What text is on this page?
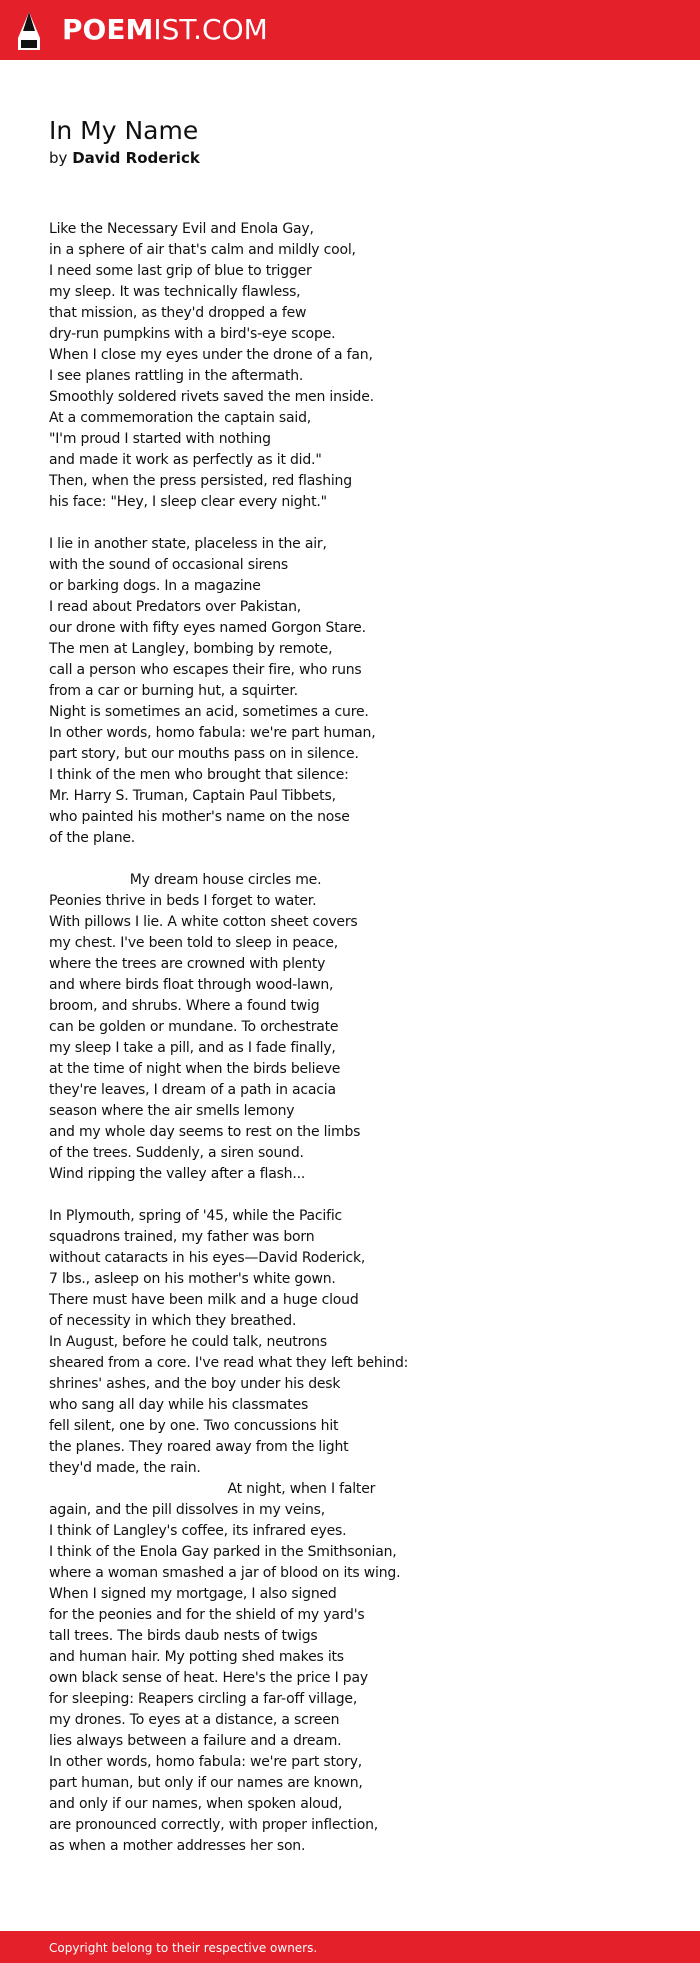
POEMIST.COM
In My Name
by David Roderick
Like the Necessary Evil and Enola Gay,
in a sphere of air that's calm and mildly cool,
I need some last grip of blue to trigger
my sleep. It was technically flawless,
that mission, as they'd dropped a few
dry-run pumpkins with a bird's-eye scope.
When I close my eyes under the drone of a fan,
I see planes rattling in the aftermath.
Smoothly soldered rivets saved the men inside.
At a commemoration the captain said,
"I'm proud I started with nothing
and made it work as perfectly as it did."
Then, when the press persisted, red flashing
his face: "Hey, I sleep clear every night."
I lie in another state, placeless in the air,
with the sound of occasional sirens
or barking dogs. In a magazine
I read about Predators over Pakistan,
our drone with fifty eyes named Gorgon Stare.
The men at Langley, bombing by remote,
call a person who escapes their fire, who runs
from a car or burning hut, a squirter.
Night is sometimes an acid, sometimes a cure.
In other words, homo fabula: we're part human,
part story, but our mouths pass on in silence.
I think of the men who brought that silence:
Mr. Harry S. Truman, Captain Paul Tibbets,
who painted his mother's name on the nose
of the plane.
My dream house circles me.
Peonies thrive in beds I forget to water.
With pillows I lie. A white cotton sheet covers
my chest. I've been told to sleep in peace,
where the trees are crowned with plenty
and where birds float through wood-lawn,
broom, and shrubs. Where a found twig
can be golden or mundane. To orchestrate
my sleep I take a pill, and as I fade finally,
at the time of night when the birds believe
they're leaves, I dream of a path in acacia
season where the air smells lemony
and my whole day seems to rest on the limbs
of the trees. Suddenly, a siren sound.
Wind ripping the valley after a flash...
In Plymouth, spring of '45, while the Pacific
squadrons trained, my father was born
without cataracts in his eyes—David Roderick,
7 lbs., asleep on his mother's white gown.
There must have been milk and a huge cloud
of necessity in which they breathed.
In August, before he could talk, neutrons
sheared from a core. I've read what they left behind:
shrines' ashes, and the boy under his desk
who sang all day while his classmates
fell silent, one by one. Two concussions hit
the planes. They roared away from the light
they'd made, the rain.
At night, when I falter
again, and the pill dissolves in my veins,
I think of Langley's coffee, its infrared eyes.
I think of the Enola Gay parked in the Smithsonian,
where a woman smashed a jar of blood on its wing.
When I signed my mortgage, I also signed
for the peonies and for the shield of my yard's
tall trees. The birds daub nests of twigs
and human hair. My potting shed makes its
own black sense of heat. Here's the price I pay
for sleeping: Reapers circling a far-off village,
my drones. To eyes at a distance, a screen
lies always between a failure and a dream.
In other words, homo fabula: we're part story,
part human, but only if our names are known,
and only if our names, when spoken aloud,
are pronounced correctly, with proper inflection,
as when a mother addresses her son.
Copyright belong to their respective owners.
